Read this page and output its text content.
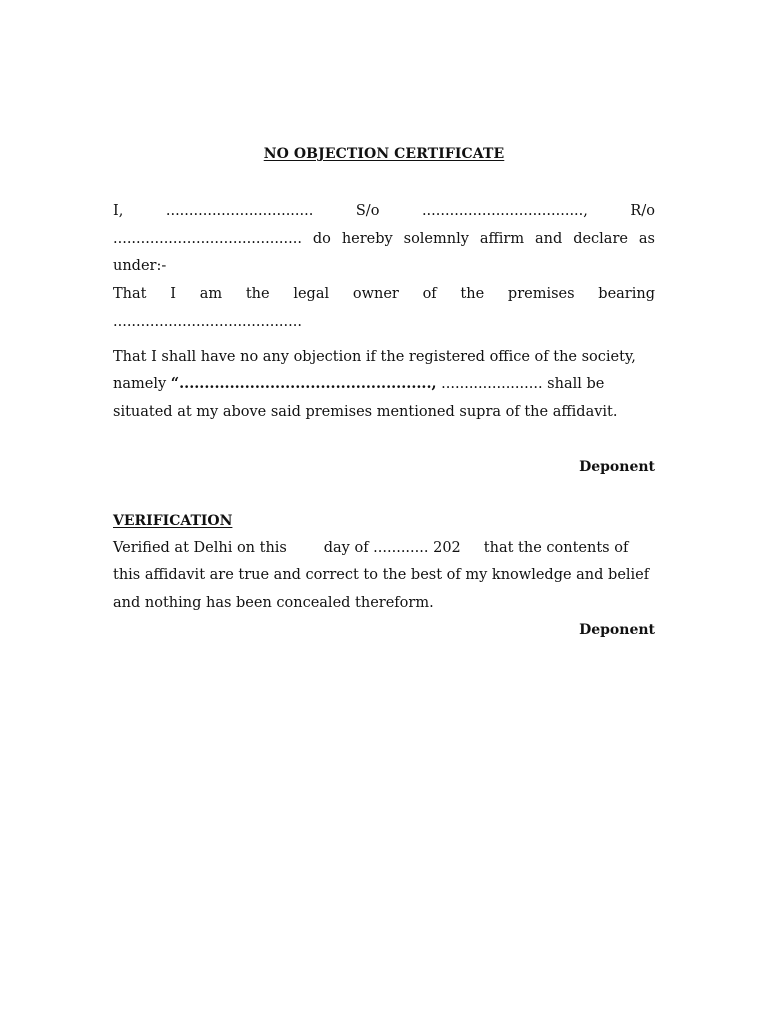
NO OBJECTION CERTIFICATE
I,	................................	S/o	...................................,	R/o
......................................... do hereby solemnly affirm and declare as
under:-
That I am the legal owner of the premises bearing
.........................................
That I shall have no any objection if the registered office of the society,
namely “.................................................., ...................... shall be
situated at my above said premises mentioned supra of the affidavit.
Deponent
VERIFICATION
Verified at Delhi on this        day of ............ 202     that the contents of
this affidavit are true and correct to the best of my knowledge and belief
and nothing has been concealed thereform.
Deponent
